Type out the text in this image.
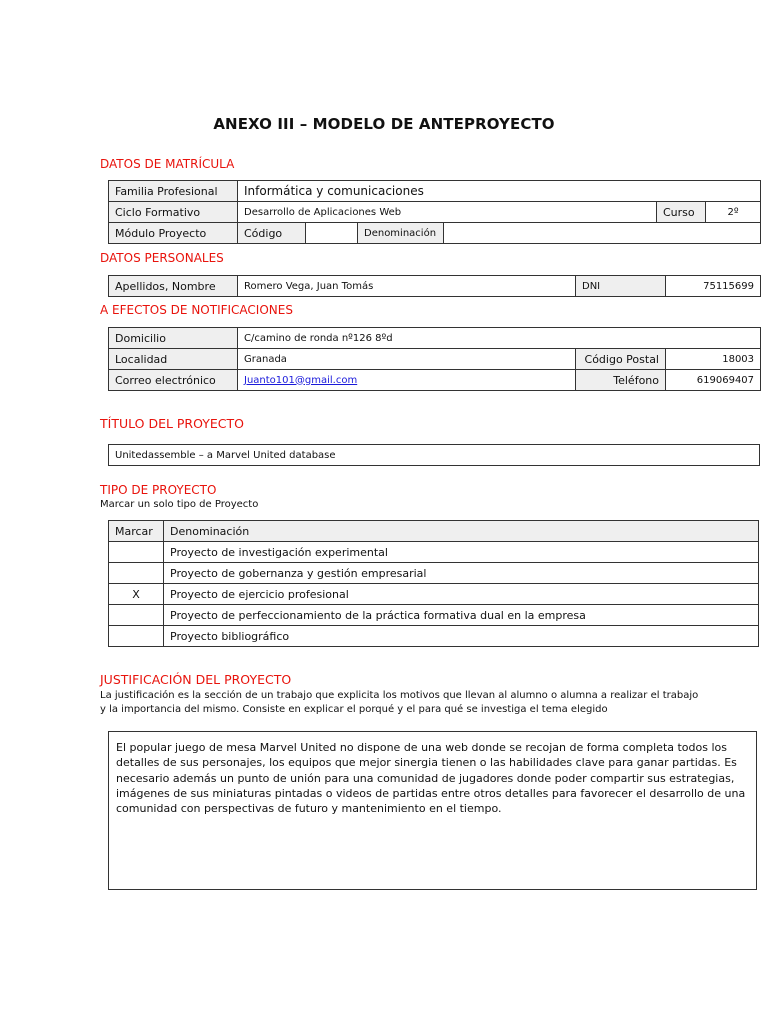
ANEXO III – MODELO DE ANTEPROYECTO
DATOS DE MATRÍCULA
Familia Profesional	Informática y comunicaciones					
Ciclo Formativo	Desarrollo de Aplicaciones Web				Curso	2º
Módulo Proyecto	Código		Denominación			
DATOS PERSONALES
Apellidos, Nombre	Romero Vega, Juan Tomás	DNI	75115699
A EFECTOS DE NOTIFICACIONES
Domicilio	C/camino de ronda nº126 8ºd		
Localidad	Granada	Código Postal	18003
Correo electrónico	Juanto101@gmail.com	Teléfono	619069407
TÍTULO DEL PROYECTO
Unitedassemble – a Marvel United database
TIPO DE PROYECTO
Marcar un solo tipo de Proyecto
Marcar	Denominación
	Proyecto de investigación experimental
	Proyecto de gobernanza y gestión empresarial
X	Proyecto de ejercicio profesional
	Proyecto de perfeccionamiento de la práctica formativa dual en la empresa
	Proyecto bibliográfico
JUSTIFICACIÓN DEL PROYECTO
La justificación es la sección de un trabajo que explicita los motivos que llevan al alumno o alumna a realizar el trabajo
y la importancia del mismo. Consiste en explicar el porqué y el para qué se investiga el tema elegido
El popular juego de mesa Marvel United no dispone de una web donde se recojan de forma completa todos los detalles de sus personajes, los equipos que mejor sinergia tienen o las habilidades clave para ganar partidas. Es necesario además un punto de unión para una comunidad de jugadores donde poder compartir sus estrategias, imágenes de sus miniaturas pintadas o videos de partidas entre otros detalles para favorecer el desarrollo de una comunidad con perspectivas de futuro y mantenimiento en el tiempo.
